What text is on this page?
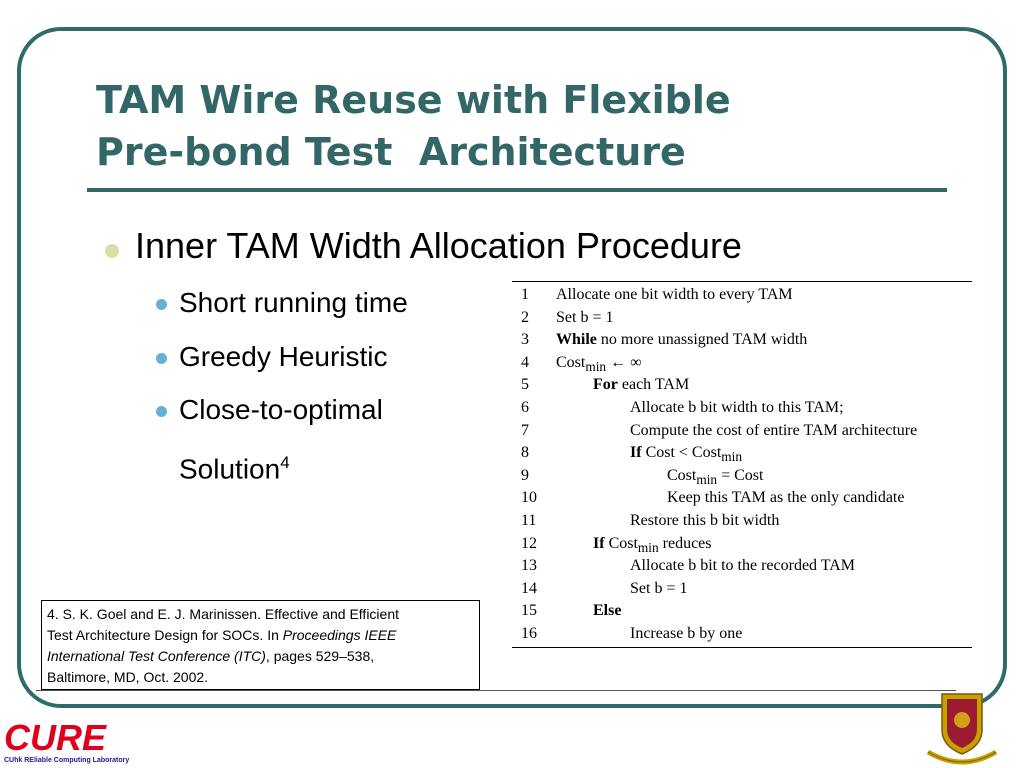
TAM Wire Reuse with Flexible
Pre-bond Test  Architecture
Inner TAM Width Allocation Procedure
Short running time
Greedy Heuristic
Close-to-optimal
Solution$^4$
1 Allocate one bit width to every TAM
2 Set b = 1
3 While no more unassigned TAM width
4 Cost$_{min}$ ← ∞
5	For each TAM
6	Allocate b bit width to this TAM;
7	Compute the cost of entire TAM architecture
8	If Cost < Cost$_{min}$
9	Cost$_{min}$ = Cost
10	Keep this TAM as the only candidate
11	Restore this b bit width
12	If Cost$_{min}$ reduces
13	Allocate b bit to the recorded TAM
14	Set b = 1
15	Else
16	Increase b by one
4. S. K. Goel and E. J. Marinissen. Effective and Efficient
Test Architecture Design for SOCs. In Proceedings IEEE
International Test Conference (ITC), pages 529–538,
Baltimore, MD, Oct. 2002.
CURE
CUhk REliable Computing Laboratory
